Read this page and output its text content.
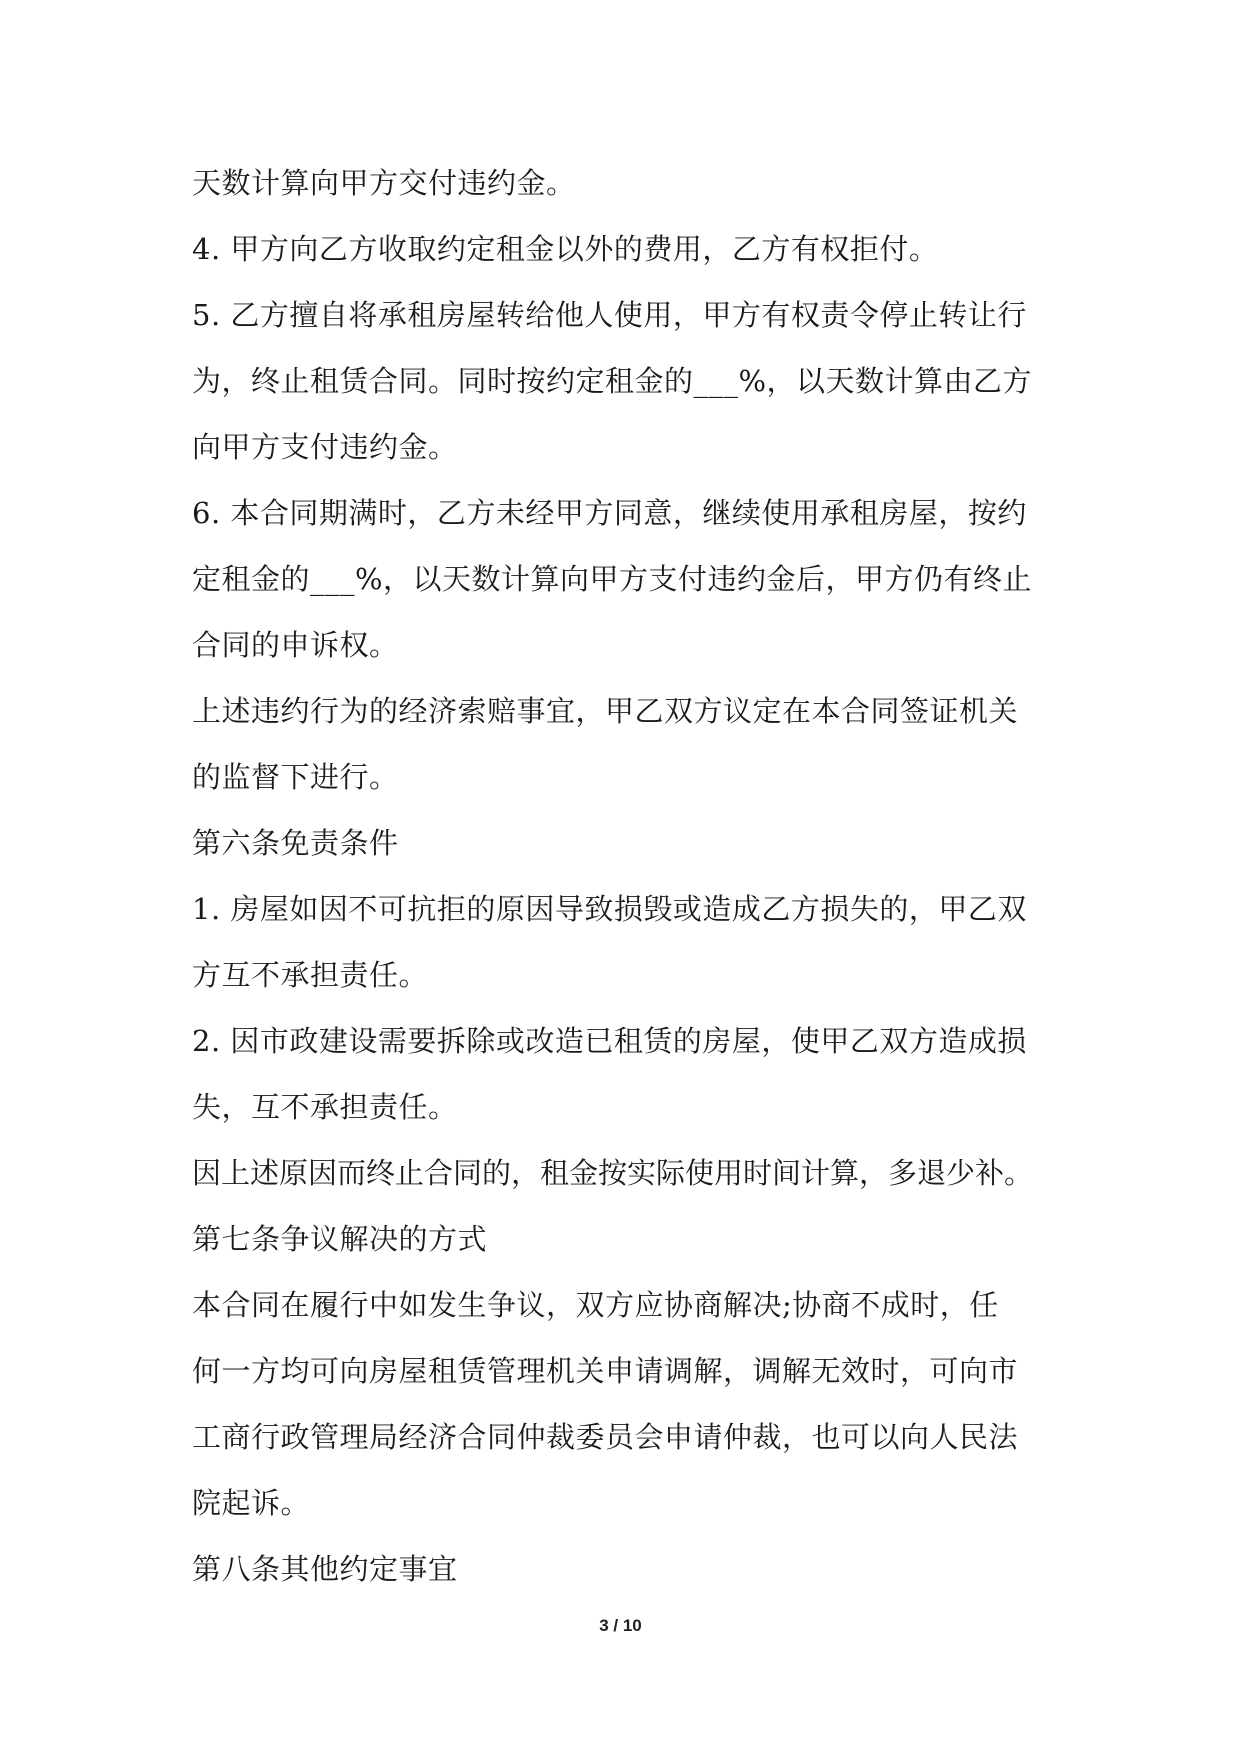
天数计算向甲方交付违约金。
4. 甲方向乙方收取约定租金以外的费用，乙方有权拒付。
5. 乙方擅自将承租房屋转给他人使用，甲方有权责令停止转让行
为，终止租赁合同。同时按约定租金的___%，以天数计算由乙方
向甲方支付违约金。
6. 本合同期满时，乙方未经甲方同意，继续使用承租房屋，按约
定租金的___%，以天数计算向甲方支付违约金后，甲方仍有终止
合同的申诉权。
上述违约行为的经济索赔事宜，甲乙双方议定在本合同签证机关
的监督下进行。
第六条免责条件
1. 房屋如因不可抗拒的原因导致损毁或造成乙方损失的，甲乙双
方互不承担责任。
2. 因市政建设需要拆除或改造已租赁的房屋，使甲乙双方造成损
失，互不承担责任。
因上述原因而终止合同的，租金按实际使用时间计算，多退少补。
第七条争议解决的方式
本合同在履行中如发生争议，双方应协商解决;协商不成时，任
何一方均可向房屋租赁管理机关申请调解，调解无效时，可向市
工商行政管理局经济合同仲裁委员会申请仲裁，也可以向人民法
院起诉。
第八条其他约定事宜
3 / 10
